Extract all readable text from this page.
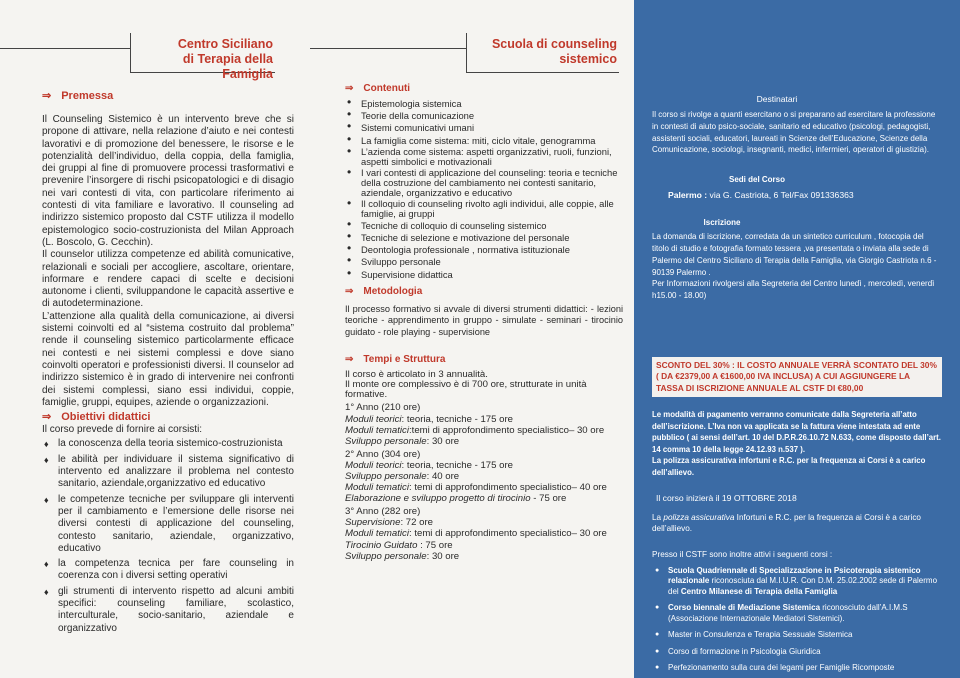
Centro Siciliano
di Terapia della Famiglia

⇒ Premessa

Il Counseling Sistemico è un intervento breve che si propone di attivare, nella relazione d’aiuto e nei contesti lavorativi e di promozione del benessere, le risorse e le potenzialità dell’individuo, della coppia, della famiglia, dei gruppi al fine di promuovere processi trasformativi e prevenire l’insorgere di rischi psicopatologici e di disagio nei vari contesti di vita, con particolare riferimento ai contesti di vita familiare e lavorativo. Il counseling ad indirizzo sistemico proposto dal CSTF utilizza il modello epistemologico socio-costruzionista del Milan Approach (L. Boscolo, G. Cecchin).

Il counselor utilizza competenze ed abilità comunicative, relazionali e sociali per accogliere, ascoltare, orientare, informare e rendere capaci di scelte e decisioni autonome i clienti, sviluppandone le capacità assertive e di autodeterminazione.

L’attenzione alla qualità della comunicazione, ai diversi sistemi coinvolti ed al “sistema costruito dal problema” rende il counseling sistemico particolarmente efficace nei contesti e nei sistemi complessi e dove siano coinvolti operatori e professionisti diversi. Il counselor ad indirizzo sistemico è in grado di intervenire nei confronti dei sistemi complessi, siano essi individui, coppie, famiglie, gruppi, equipes, aziende o organizzazioni.

⇒ Obiettivi didattici

Il corso prevede di fornire ai corsisti:

♦ la conoscenza della teoria sistemico-costruzionista
♦ le abilità per individuare il sistema significativo di intervento ed analizzare il problema nel contesto sanitario, aziendale,organizzativo ed educativo
♦ le competenze tecniche per sviluppare gli interventi per il cambiamento e l’emersione delle risorse nei diversi contesti di applicazione del counseling, contesto sanitario, aziendale, organizzativo, educativo
♦ la competenza tecnica per fare counseling in coerenza con i diversi setting operativi
♦ gli strumenti di intervento rispetto ad alcuni ambiti specifici: counseling familiare, scolastico, interculturale, socio-sanitario, aziendale e organizzativo
Scuola di counseling
sistemico

⇒ Contenuti

• Epistemologia sistemica
• Teorie della comunicazione
• Sistemi comunicativi umani
• La famiglia come sistema: miti, ciclo vitale, genogramma
• L’azienda come sistema: aspetti organizzativi, ruoli, funzioni, aspetti simbolici e motivazionali
• I vari contesti di applicazione del counseling: teoria e tecniche della costruzione del cambiamento nei contesti sanitario, aziendale, organizzativo e educativo
• Il colloquio di counseling rivolto agli individui, alle coppie, alle famiglie, ai gruppi
• Tecniche di colloquio di counseling sistemico
• Tecniche di selezione e motivazione del personale
• Deontologia professionale , normativa istituzionale
• Sviluppo personale
• Supervisione didattica

⇒ Metodologia

Il processo formativo si avvale di diversi strumenti didattici: - lezioni teoriche - apprendimento in gruppo - simulate - seminari - tirocinio guidato - role playing - supervisione

⇒ Tempi e Struttura

Il corso è articolato in 3 annualità.
Il monte ore complessivo è di 700 ore, strutturate in unità formative.
1° Anno (210 ore)
Moduli teorici: teoria, tecniche - 175 ore
Moduli tematici:temi di approfondimento specialistico– 30 ore
Sviluppo personale: 30 ore
2° Anno (304 ore)
Moduli teorici: teoria, tecniche - 175 ore
Sviluppo personale: 40 ore
Moduli tematici: temi di approfondimento specialistico– 40 ore
Elaborazione e sviluppo progetto di tirocinio - 75 ore
3° Anno (282 ore)
Supervisione: 72 ore
Moduli tematici: temi di approfondimento specialistico– 30 ore
Tirocinio Guidato : 75 ore
Sviluppo personale: 30 ore

Destinatari

Il corso si rivolge a quanti esercitano o si preparano ad esercitare la professione in contesti di aiuto psico-sociale, sanitario ed educativo (psicologi, pedagogisti, assistenti sociali, educatori, laureati in Scienze dell’Educazione, Scienze della Comunicazione, sociologi, insegnanti, medici, infermieri, operatori di giustizia).

Sedi del Corso

Palermo : via G. Castriota, 6 Tel/Fax 091336363

Iscrizione

La domanda di iscrizione, corredata da un sintetico curriculum , fotocopia del titolo di studio e fotografia formato tessera ,va presentata o inviata alla sede di Palermo del Centro Siciliano di Terapia della Famiglia, via Giorgio Castriota n.6 - 90139 Palermo .

Per Informazioni rivolgersi alla Segreteria del Centro lunedì , mercoledì, venerdì h15.00 - 18.00)

SCONTO DEL 30% : IL COSTO ANNUALE VERRÀ SCONTATO DEL 30% ( DA €2379,00 A €1600,00 IVA INCLUSA) A CUI AGGIUNGERE LA TASSA DI ISCRIZIONE ANNUALE AL CSTF DI €80,00

Le modalità di pagamento verranno comunicate dalla Segreteria all’atto dell’iscrizione. L’Iva non va applicata se la fattura viene intestata ad ente pubblico ( ai sensi dell’art. 10 del D.P.R.26.10.72 N.633, come disposto dall’art. 14 comma 10 della legge 24.12.93 n.537 ).

La polizza assicurativa infortuni e R.C. per la frequenza ai Corsi è a carico dell’allievo.

Il corso inizierà il 19 OTTOBRE 2018

La polizza assicurativa Infortuni e R.C. per la frequenza ai Corsi è a carico dell’allievo.

Presso il CSTF sono inoltre attivi i seguenti corsi :

● Scuola Quadriennale di Specializzazione in Psicoterapia sistemico relazionale riconosciuta dal M.I.U.R. Con D.M. 25.02.2002 sede di Palermo del Centro Milanese di Terapia della Famiglia
● Corso biennale di Mediazione Sistemica riconosciuto dall’A.I.M.S (Associazione Internazionale Mediatori Sistemici).
● Master in Consulenza e Terapia Sessuale Sistemica
● Corso di formazione in Psicologia Giuridica
● Perfezionamento sulla cura dei legami per Famiglie Ricomposte
